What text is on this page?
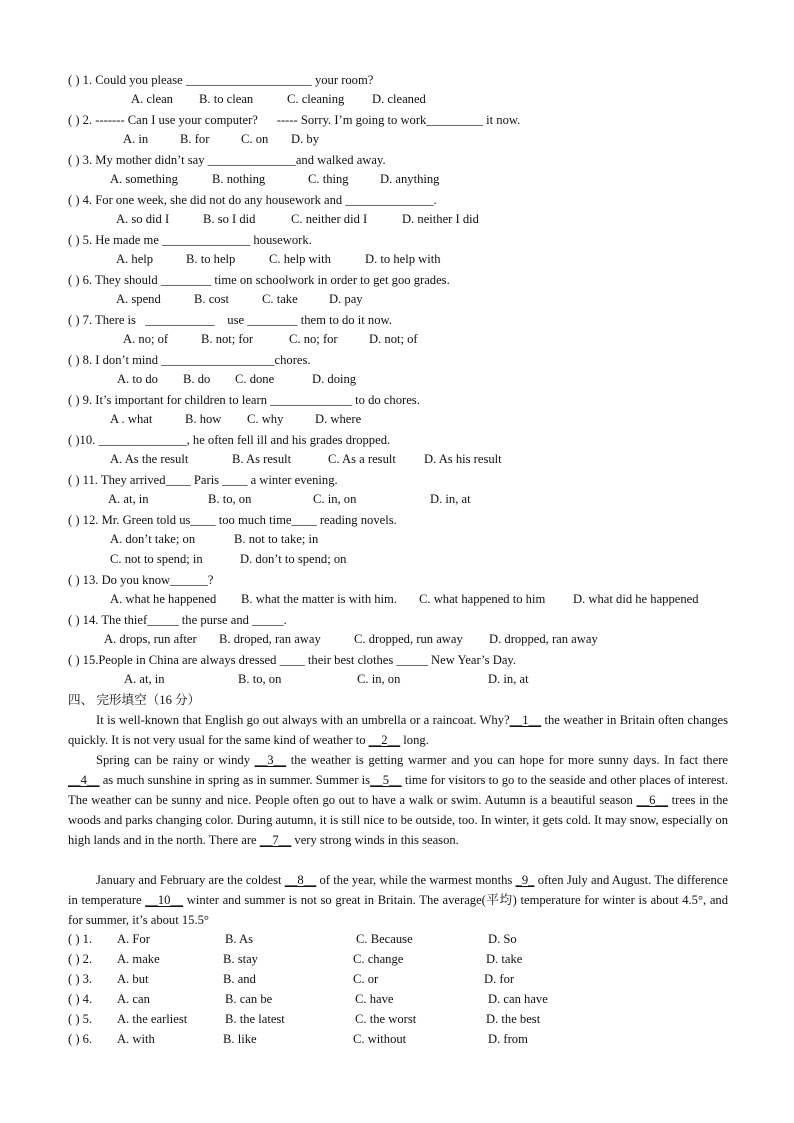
( ) 1. Could you please ____________________ your room?
A. clean B. to clean	C. cleaning D. cleaned
( ) 2. ------- Can I use your computer?      ----- Sorry. I’m going to work_________ it now.
A. in	B. for	C. on D. by
( ) 3. My mother didn’t say ______________and walked away.
A. something	B. nothing	C. thing D. anything
( ) 4. For one week, she did not do any housework and ______________.
A. so did I	B. so I did	C. neither did I	D. neither I did
( ) 5. He made me ______________ housework.
A. help	B. to help	C. help with	D. to help with
( ) 6. They should ________ time on schoolwork in order to get goo grades.
A. spend	B. cost	C. take D. pay
( ) 7. There is   ___________    use ________ them to do it now.
A. no; of	B. not; for	C. no; for D. not; of
( ) 8. I don’t mind __________________chores.
A. to do B. do C. done	D. doing
( ) 9. It’s important for children to learn _____________ to do chores.
A . what	B. how C. why	D. where
( )10. ______________, he often fell ill and his grades dropped.
A. As the result	B. As result	C. As a result D. As his result
( ) 11. They arrived____ Paris ____ a winter evening.
A. at, in	B. to, on	C. in, on	D. in, at
( ) 12. Mr. Green told us____ too much time____ reading novels.
A. don’t take; on	B. not to take; in
C. not to spend; in	D. don’t to spend; on
( ) 13. Do you know______?
A. what he happened B. what the matter is with him. C. what happened to him D. what did he happened
( ) 14. The thief_____ the purse and _____.
A. drops, run after B. droped, ran away	C. dropped, run away D. dropped, ran away
( ) 15.People in China are always dressed ____ their best clothes _____ New Year’s Day.
A. at, in	B. to, on	C. in, on	D. in, at
四、 完形填空（16 分）
It is well-known that English go out always with an umbrella or a raincoat. Why?__1__ the weather in Britain often changes quickly. It is not very usual for the same kind of weather to __2__ long.
Spring can be rainy or windy __3__ the weather is getting warmer and you can hope for more sunny days. In fact there __4__ as much sunshine in spring as in summer. Summer is__5__ time for visitors to go to the seaside and other places of interest. The weather can be sunny and nice. People often go out to have a walk or swim. Autumn is a beautiful season __6__ trees in the woods and parks changing color. During autumn, it is still nice to be outside, too. In winter, it gets cold. It may snow, especially on high lands and in the north. There are __7__ very strong winds in this season.
January and February are the coldest __8__ of the year, while the warmest months _9_ often July and August. The difference in temperature __10__ winter and summer is not so great in Britain. The average(平均) temperature for winter is about 4.5°, and for summer, it’s about 15.5°
( ) 1. A. For	B. As	C. Because	D. So
( ) 2. A. make	B. stay	C. change	D. take
( ) 3. A. but	B. and	C. or	D. for
( ) 4. A. can	B. can be	C. have	D. can have
( ) 5. A. the earliest	B. the latest	C. the worst	D. the best
( ) 6. A. with	B. like	C. without	D. from
